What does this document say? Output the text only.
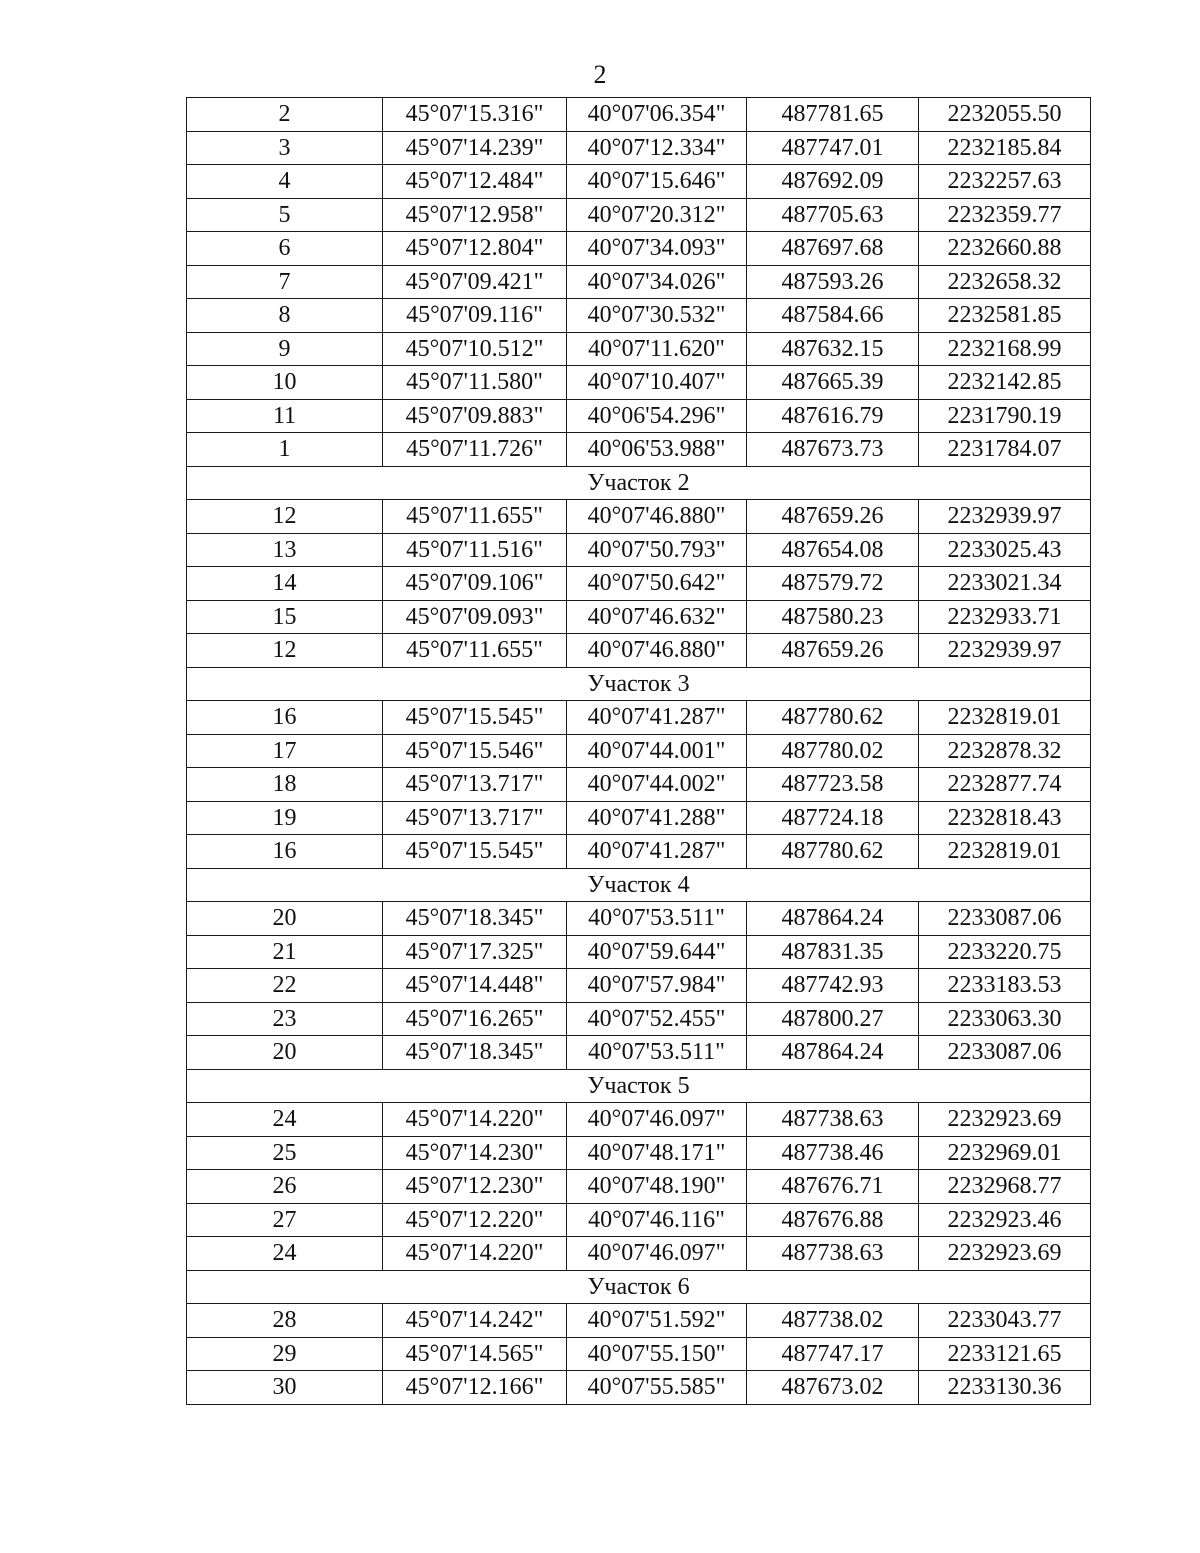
2
2	45°07'15.316"	40°07'06.354"	487781.65	2232055.50
3	45°07'14.239"	40°07'12.334"	487747.01	2232185.84
4	45°07'12.484"	40°07'15.646"	487692.09	2232257.63
5	45°07'12.958"	40°07'20.312"	487705.63	2232359.77
6	45°07'12.804"	40°07'34.093"	487697.68	2232660.88
7	45°07'09.421"	40°07'34.026"	487593.26	2232658.32
8	45°07'09.116"	40°07'30.532"	487584.66	2232581.85
9	45°07'10.512"	40°07'11.620"	487632.15	2232168.99
10	45°07'11.580"	40°07'10.407"	487665.39	2232142.85
11	45°07'09.883"	40°06'54.296"	487616.79	2231790.19
1	45°07'11.726"	40°06'53.988"	487673.73	2231784.07
Участок 2				
12	45°07'11.655"	40°07'46.880"	487659.26	2232939.97
13	45°07'11.516"	40°07'50.793"	487654.08	2233025.43
14	45°07'09.106"	40°07'50.642"	487579.72	2233021.34
15	45°07'09.093"	40°07'46.632"	487580.23	2232933.71
12	45°07'11.655"	40°07'46.880"	487659.26	2232939.97
Участок 3				
16	45°07'15.545"	40°07'41.287"	487780.62	2232819.01
17	45°07'15.546"	40°07'44.001"	487780.02	2232878.32
18	45°07'13.717"	40°07'44.002"	487723.58	2232877.74
19	45°07'13.717"	40°07'41.288"	487724.18	2232818.43
16	45°07'15.545"	40°07'41.287"	487780.62	2232819.01
Участок 4				
20	45°07'18.345"	40°07'53.511"	487864.24	2233087.06
21	45°07'17.325"	40°07'59.644"	487831.35	2233220.75
22	45°07'14.448"	40°07'57.984"	487742.93	2233183.53
23	45°07'16.265"	40°07'52.455"	487800.27	2233063.30
20	45°07'18.345"	40°07'53.511"	487864.24	2233087.06
Участок 5				
24	45°07'14.220"	40°07'46.097"	487738.63	2232923.69
25	45°07'14.230"	40°07'48.171"	487738.46	2232969.01
26	45°07'12.230"	40°07'48.190"	487676.71	2232968.77
27	45°07'12.220"	40°07'46.116"	487676.88	2232923.46
24	45°07'14.220"	40°07'46.097"	487738.63	2232923.69
Участок 6				
28	45°07'14.242"	40°07'51.592"	487738.02	2233043.77
29	45°07'14.565"	40°07'55.150"	487747.17	2233121.65
30	45°07'12.166"	40°07'55.585"	487673.02	2233130.36
